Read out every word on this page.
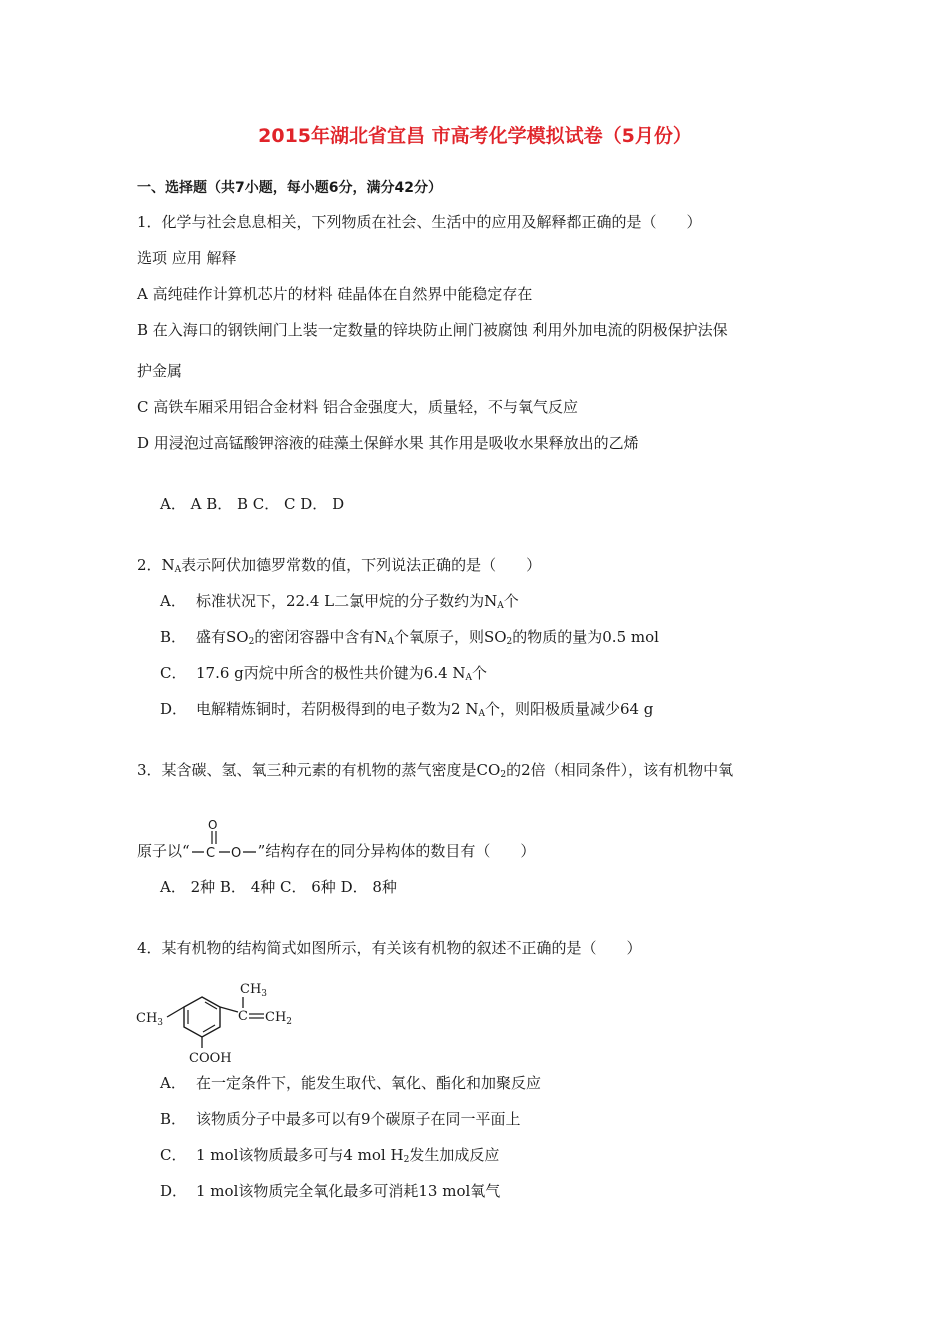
2015年湖北省宜昌 市高考化学模拟试卷（5月份）
一、选择题（共7小题，每小题6分，满分42分）
1．化学与社会息息相关，下列物质在社会、生活中的应用及解释都正确的是（　　）
选项 应用 解释
A 高纯硅作计算机芯片的材料 硅晶体在自然界中能稳定存在
B 在入海口的钢铁闸门上装一定数量的锌块防止闸门被腐蚀 利用外加电流的阴极保护法保
护金属
C 高铁车厢采用铝合金材料 铝合金强度大，质量轻，不与氧气反应
D 用浸泡过高锰酸钾溶液的硅藻土保鲜水果 其作用是吸收水果释放出的乙烯
A． A B． B C． C D． D
2．$N_A$表示阿伏加德罗常数的值，下列说法正确的是（　　）
A． 标准状况下，22.4 L二氯甲烷的分子数约为$N_A$个
B． 盛有$SO_2$的密闭容器中含有$N_A$个氧原子，则$SO_2$的物质的量为0.5 mol
C． 17.6 g丙烷中所含的极性共价键为6.4 $N_A$个
D． 电解精炼铜时，若阴极得到的电子数为2 $N_A$个，则阳极质量减少64 g
3．某含碳、氢、氧三种元素的有机物的蒸气密度是$CO_2$的2倍（相同条件），该有机物中氧
原子以“ C
O
O ”结构存在的同分异构体的数目有（　　）
A． 2种 B． 4种 C． 6种 D． 8种
4．某有机物的结构简式如图所示，有关该有机物的叙述不正确的是（　　）
$CH_3$	C
$CH_3$
$CH_2$
COOH
A． 在一定条件下，能发生取代、氧化、酯化和加聚反应
B． 该物质分子中最多可以有9个碳原子在同一平面上
C． 1 mol该物质最多可与4 mol $H_2$发生加成反应
D． 1 mol该物质完全氧化最多可消耗13 mol氧气
